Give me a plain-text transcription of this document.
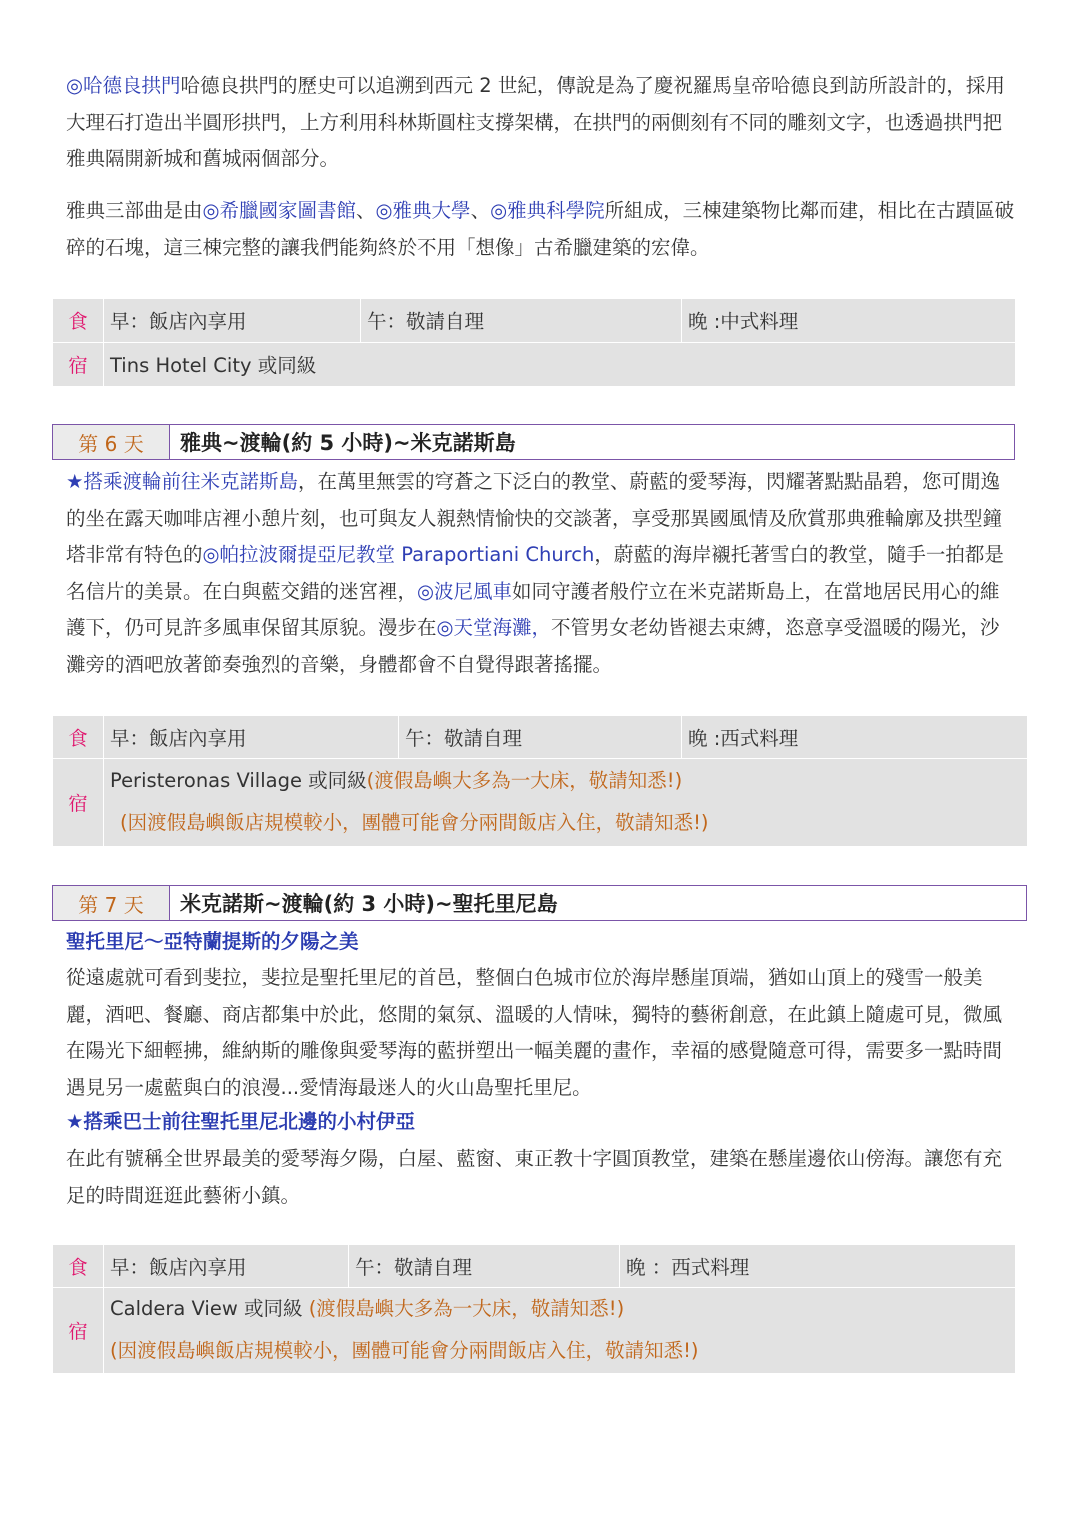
◎哈德良拱門哈德良拱門的歷史可以追溯到西元 2 世紀，傳說是為了慶祝羅馬皇帝哈德良到訪所設計的，採用大理石打造出半圓形拱門，上方利用科林斯圓柱支撐架構，在拱門的兩側刻有不同的雕刻文字，也透過拱門把雅典隔開新城和舊城兩個部分。
雅典三部曲是由◎希臘國家圖書館、◎雅典大學、◎雅典科學院所組成，三棟建築物比鄰而建，相比在古蹟區破碎的石塊，這三棟完整的讓我們能夠終於不用「想像」古希臘建築的宏偉。
食	早：飯店內享用	午：敬請自理	晚 :中式料理
宿	Tins Hotel City 或同級		
第 6 天	雅典~渡輪(約 5 小時)~米克諾斯島
★搭乘渡輪前往米克諾斯島，在萬里無雲的穹蒼之下泛白的教堂、蔚藍的愛琴海，閃耀著點點晶碧，您可閒逸的坐在露天咖啡店裡小憩片刻，也可與友人親熱情愉快的交談著，享受那異國風情及欣賞那典雅輪廓及拱型鐘塔非常有特色的◎帕拉波爾提亞尼教堂 Paraportiani Church，蔚藍的海岸襯托著雪白的教堂，隨手一拍都是名信片的美景。在白與藍交錯的迷宮裡，◎波尼風車如同守護者般佇立在米克諾斯島上，在當地居民用心的維護下，仍可見許多風車保留其原貌。漫步在◎天堂海灘，不管男女老幼皆褪去束縛，恣意享受溫暖的陽光，沙灘旁的酒吧放著節奏強烈的音樂，身體都會不自覺得跟著搖擺。
食	早：飯店內享用	午：敬請自理	晚 :西式料理
宿	Peristeronas Village 或同級(渡假島嶼大多為一大床，敬請知悉!)
(因渡假島嶼飯店規模較小，團體可能會分兩間飯店入住，敬請知悉!)		
第 7 天	米克諾斯~渡輪(約 3 小時)~聖托里尼島
聖托里尼～亞特蘭提斯的夕陽之美
從遠處就可看到斐拉，斐拉是聖托里尼的首邑，整個白色城市位於海岸懸崖頂端，猶如山頂上的殘雪一般美麗，酒吧、餐廳、商店都集中於此，悠閒的氣氛、溫暖的人情味，獨特的藝術創意，在此鎮上隨處可見，微風在陽光下細輕拂，維納斯的雕像與愛琴海的藍拼塑出一幅美麗的畫作，幸福的感覺隨意可得，需要多一點時間遇見另一處藍與白的浪漫...愛情海最迷人的火山島聖托里尼。
★搭乘巴士前往聖托里尼北邊的小村伊亞
在此有號稱全世界最美的愛琴海夕陽，白屋、藍窗、東正教十字圓頂教堂，建築在懸崖邊依山傍海。讓您有充足的時間逛逛此藝術小鎮。
食	早：飯店內享用	午：敬請自理	晚 ：西式料理
宿	Caldera View 或同級 (渡假島嶼大多為一大床，敬請知悉!)
(因渡假島嶼飯店規模較小，團體可能會分兩間飯店入住，敬請知悉!)		
